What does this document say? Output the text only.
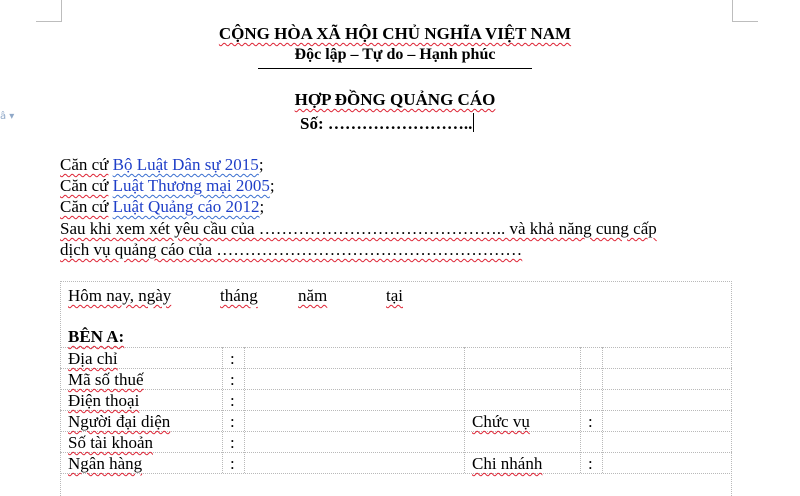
â ▾
CỘNG HÒA XÃ HỘI CHỦ NGHĨA VIỆT NAM
Độc lập – Tự do – Hạnh phúc
HỢP ĐỒNG QUẢNG CÁO
Số: ……………………..
Căn cứ Bộ Luật Dân sự 2015;
Căn cứ Luật Thương mại 2005;
Căn cứ Luật Quảng cáo 2012;
Sau khi xem xét yêu cầu của …………………………………….. và khả năng cung cấp
dịch vụ quảng cáo của ………………………………………………
Hôm nay, ngày	tháng năm	tại
BÊN A:
Địa chỉ	:
Mã số thuế	:
Điện thoại	:
Người đại diện	:	Chức vụ	:
Số tài khoản	:
Ngân hàng	:	Chi nhánh	:
